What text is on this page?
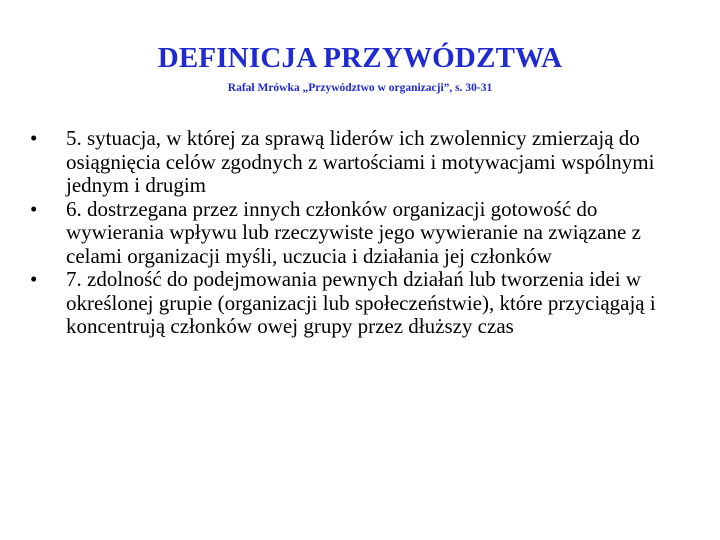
DEFINICJA PRZYWÓDZTWA
Rafał Mrówka „Przywództwo w organizacji”, s. 30-31
•	5. sytuacja, w której za sprawą liderów ich zwolennicy zmierzają do osiągnięcia celów zgodnych z wartościami i motywacjami wspólnymi jednym i drugim
•	6. dostrzegana przez innych członków organizacji gotowość do wywierania wpływu lub rzeczywiste jego wywieranie na związane z celami organizacji myśli, uczucia i działania jej członków
•	7. zdolność do podejmowania pewnych działań lub tworzenia idei w określonej grupie (organizacji lub społeczeństwie), które przyciągają i koncentrują członków owej grupy przez dłuższy czas
